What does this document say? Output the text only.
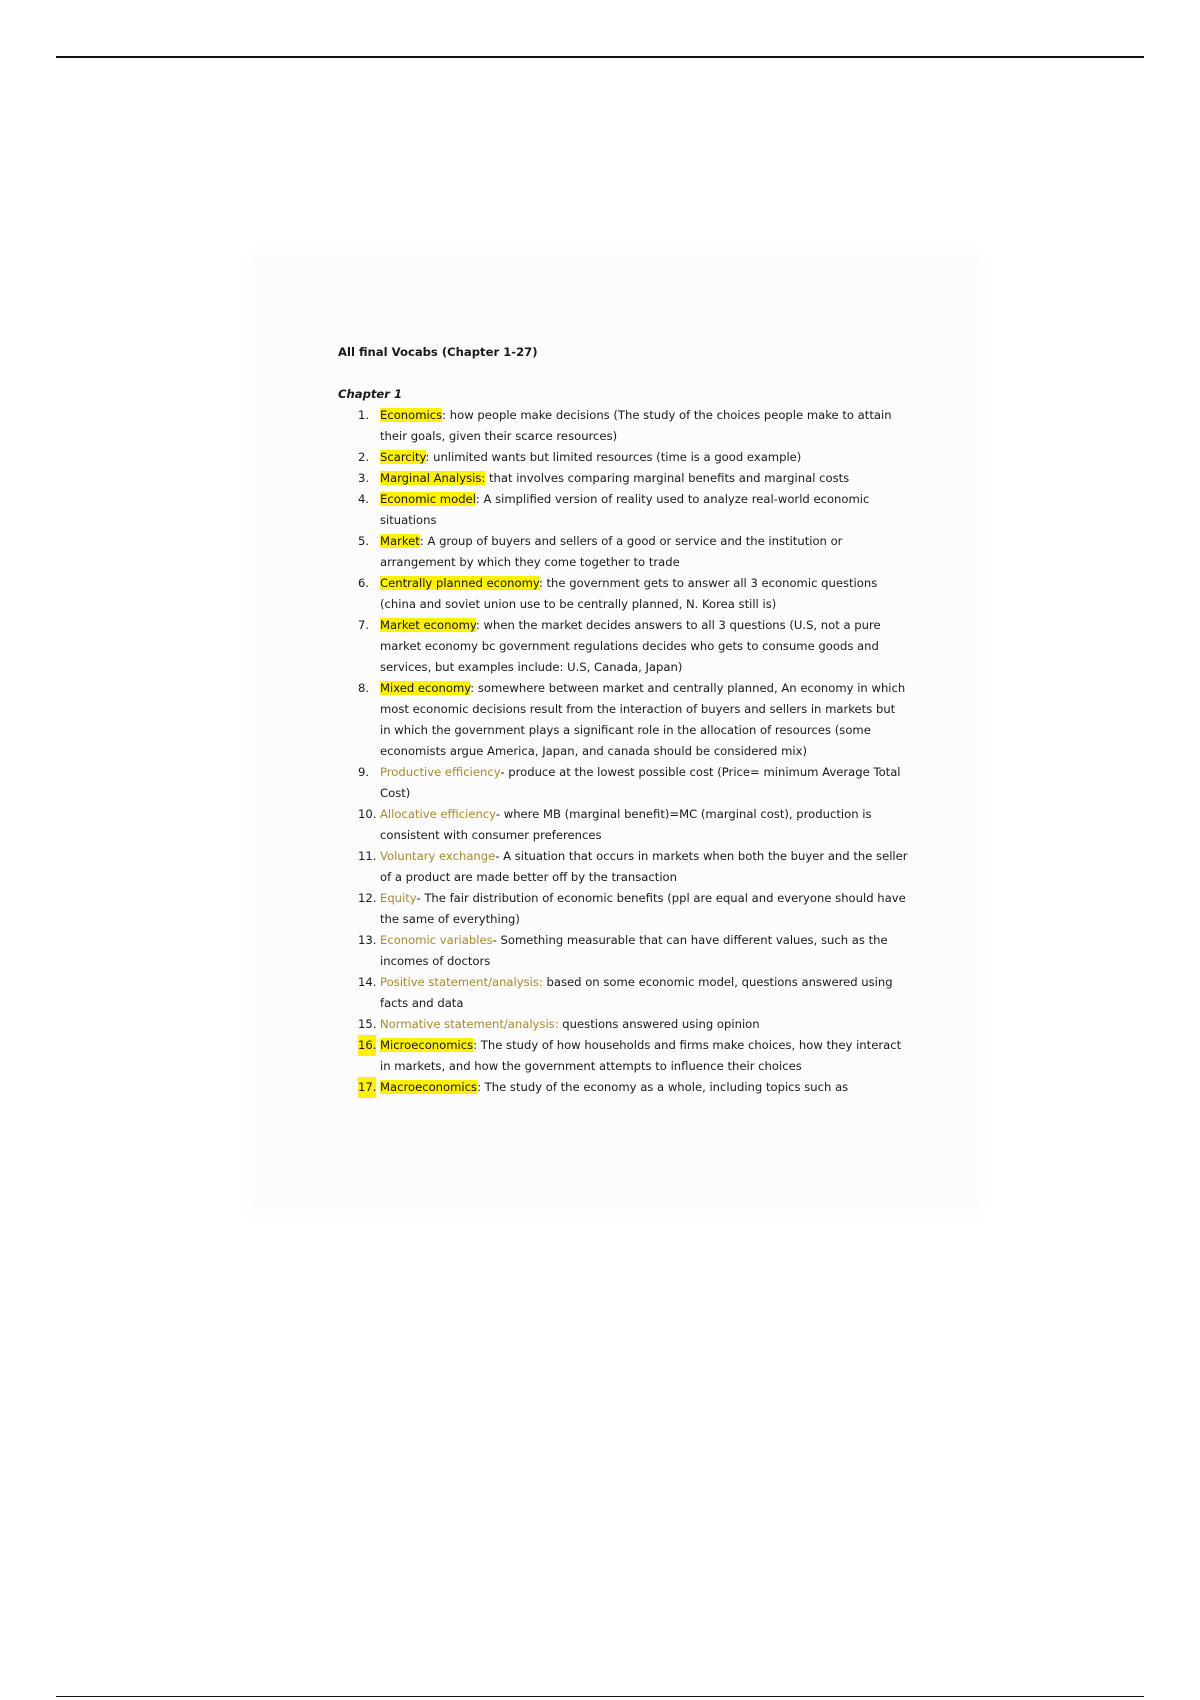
All final Vocabs (Chapter 1-27)

Chapter 1

1. Economics: how people make decisions (The study of the choices people make to attain their goals, given their scarce resources)
2. Scarcity: unlimited wants but limited resources (time is a good example)
3. Marginal Analysis: that involves comparing marginal benefits and marginal costs
4. Economic model: A simplified version of reality used to analyze real-world economic situations
5. Market: A group of buyers and sellers of a good or service and the institution or arrangement by which they come together to trade
6. Centrally planned economy: the government gets to answer all 3 economic questions (china and soviet union use to be centrally planned, N. Korea still is)
7. Market economy: when the market decides answers to all 3 questions (U.S, not a pure market economy bc government regulations decides who gets to consume goods and services, but examples include: U.S, Canada, Japan)
8. Mixed economy: somewhere between market and centrally planned, An economy in which most economic decisions result from the interaction of buyers and sellers in markets but in which the government plays a significant role in the allocation of resources (some economists argue America, Japan, and canada should be considered mix)
9. Productive efficiency- produce at the lowest possible cost (Price= minimum Average Total Cost)
10. Allocative efficiency- where MB (marginal benefit)=MC (marginal cost), production is consistent with consumer preferences
11. Voluntary exchange- A situation that occurs in markets when both the buyer and the seller of a product are made better off by the transaction
12. Equity- The fair distribution of economic benefits (ppl are equal and everyone should have the same of everything)
13. Economic variables- Something measurable that can have different values, such as the incomes of doctors
14. Positive statement/analysis: based on some economic model, questions answered using facts and data
15. Normative statement/analysis: questions answered using opinion
16. Microeconomics: The study of how households and firms make choices, how they interact in markets, and how the government attempts to influence their choices
17. Macroeconomics: The study of the economy as a whole, including topics such as
